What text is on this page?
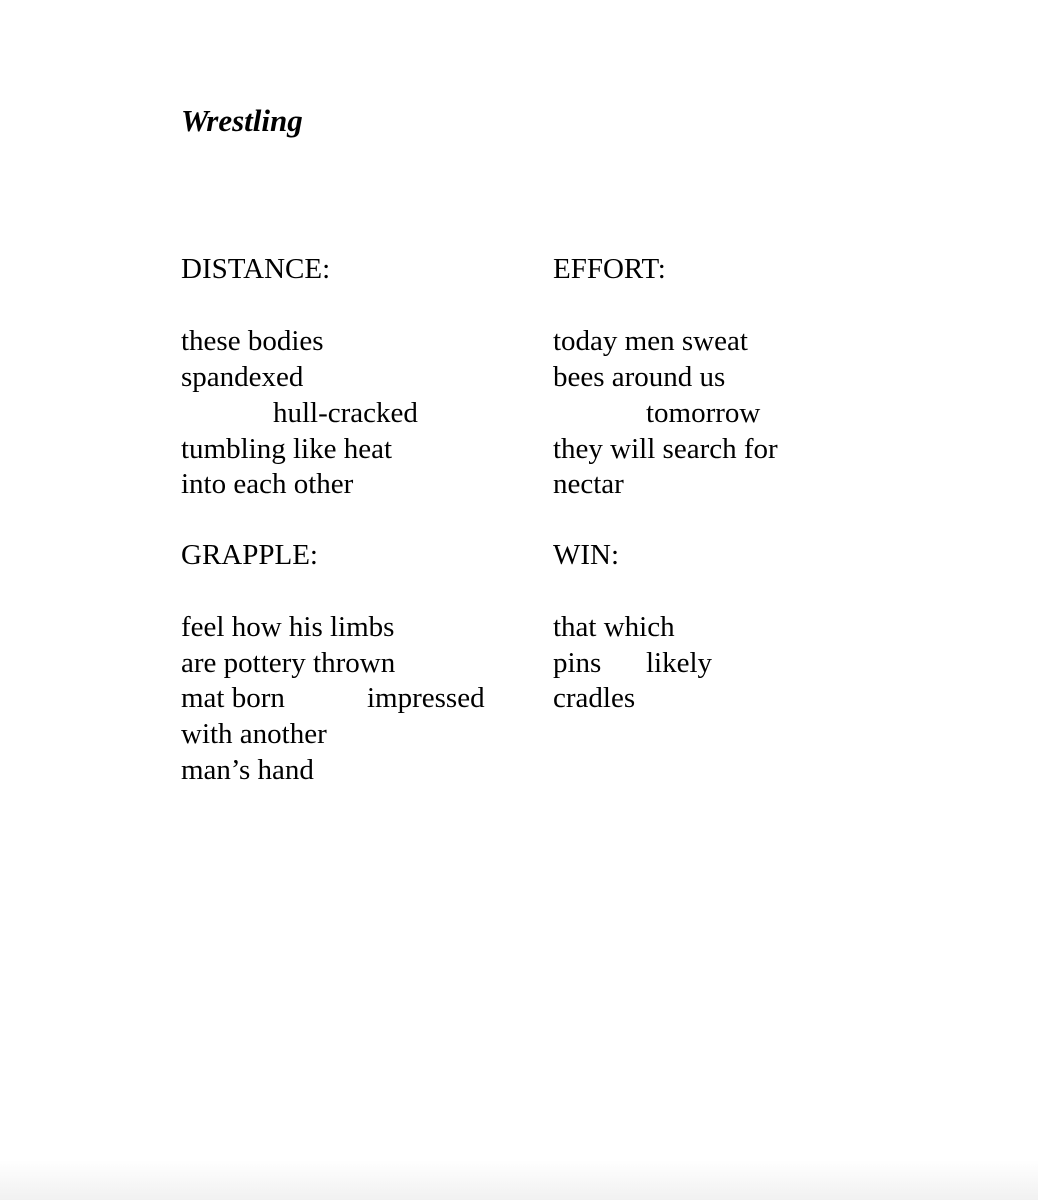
Wrestling
DISTANCE:
these bodies
spandexed
hull-cracked
tumbling like heat
into each other
EFFORT:
today men sweat
bees around us
tomorrow
they will search for
nectar
GRAPPLE:
feel how his limbs
are pottery thrown
mat born	impressed
with another
man’s hand
WIN:
that which
pins likely
cradles
